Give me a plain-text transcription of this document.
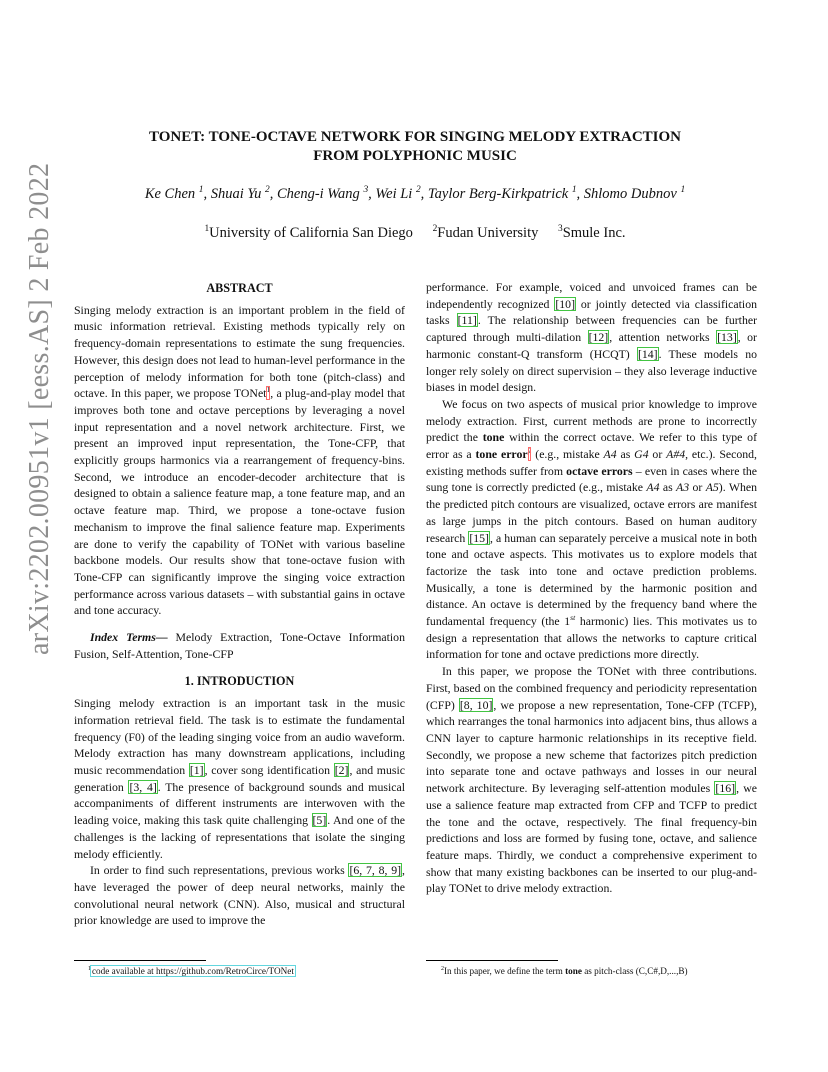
arXiv:2202.00951v1 [eess.AS] 2 Feb 2022
TONET: TONE-OCTAVE NETWORK FOR SINGING MELODY EXTRACTION
FROM POLYPHONIC MUSIC
Ke Chen $^1$, Shuai Yu $^2$, Cheng-i Wang $^3$, Wei Li $^2$, Taylor Berg-Kirkpatrick $^1$, Shlomo Dubnov $^1$
$^1$University of California San Diego $^2$Fudan University $^3$Smule Inc.
ABSTRACT

Singing melody extraction is an important problem in the field of music information retrieval. Existing methods typically rely on frequency-domain representations to estimate the sung frequencies. However, this design does not lead to human-level performance in the perception of melody information for both tone (pitch-class) and octave. In this paper, we propose TONet$^1$, a plug-and-play model that improves both tone and octave perceptions by leveraging a novel input representation and a novel network architecture. First, we present an improved input representation, the Tone-CFP, that explicitly groups harmonics via a rearrangement of frequency-bins. Second, we introduce an encoder-decoder architecture that is designed to obtain a salience feature map, a tone feature map, and an octave feature map. Third, we propose a tone-octave fusion mechanism to improve the final salience feature map. Experiments are done to verify the capability of TONet with various baseline backbone models. Our results show that tone-octave fusion with Tone-CFP can significantly improve the singing voice extraction performance across various datasets – with substantial gains in octave and tone accuracy.

Index Terms— Melody Extraction, Tone-Octave Information Fusion, Self-Attention, Tone-CFP

1. INTRODUCTION

Singing melody extraction is an important task in the music information retrieval field. The task is to estimate the fundamental frequency (F0) of the leading singing voice from an audio waveform. Melody extraction has many downstream applications, including music recommendation [1], cover song identification [2], and music generation [3, 4]. The presence of background sounds and musical accompaniments of different instruments are interwoven with the leading voice, making this task quite challenging [5]. And one of the challenges is the lacking of representations that isolate the singing melody efficiently.

In order to find such representations, previous works [6, 7, 8, 9], have leveraged the power of deep neural networks, mainly the convolutional neural network (CNN). Also, musical and structural prior knowledge are used to improve the

performance. For example, voiced and unvoiced frames can be independently recognized [10] or jointly detected via classification tasks [11]. The relationship between frequencies can be further captured through multi-dilation [12], attention networks [13], or harmonic constant-Q transform (HCQT) [14]. These models no longer rely solely on direct supervision – they also leverage inductive biases in model design.

We focus on two aspects of musical prior knowledge to improve melody extraction. First, current methods are prone to incorrectly predict the tone within the correct octave. We refer to this type of error as a tone error$^2$ (e.g., mistake A4 as G4 or A#4, etc.). Second, existing methods suffer from octave errors – even in cases where the sung tone is correctly predicted (e.g., mistake A4 as A3 or A5). When the predicted pitch contours are visualized, octave errors are manifest as large jumps in the pitch contours. Based on human auditory research [15], a human can separately perceive a musical note in both tone and octave aspects. This motivates us to explore models that factorize the task into tone and octave prediction problems. Musically, a tone is determined by the harmonic position and distance. An octave is determined by the frequency band where the fundamental frequency (the 1st harmonic) lies. This motivates us to design a representation that allows the networks to capture critical information for tone and octave predictions more directly.

In this paper, we propose the TONet with three contributions. First, based on the combined frequency and periodicity representation (CFP) [8, 10], we propose a new representation, Tone-CFP (TCFP), which rearranges the tonal harmonics into adjacent bins, thus allows a CNN layer to capture harmonic relationships in its receptive field. Secondly, we propose a new scheme that factorizes pitch prediction into separate tone and octave pathways and losses in our neural network architecture. By leveraging self-attention modules [16], we use a salience feature map extracted from CFP and TCFP to predict the tone and the octave, respectively. The final frequency-bin predictions and loss are formed by fusing tone, octave, and salience feature maps. Thirdly, we conduct a comprehensive experiment to show that many existing backbones can be inserted to our plug-and-play TONet to drive melody extraction.

$^1$code available at https://github.com/RetroCirce/TONet	$^2$In this paper, we define the term tone as pitch-class (C,C#,D,...,B)
